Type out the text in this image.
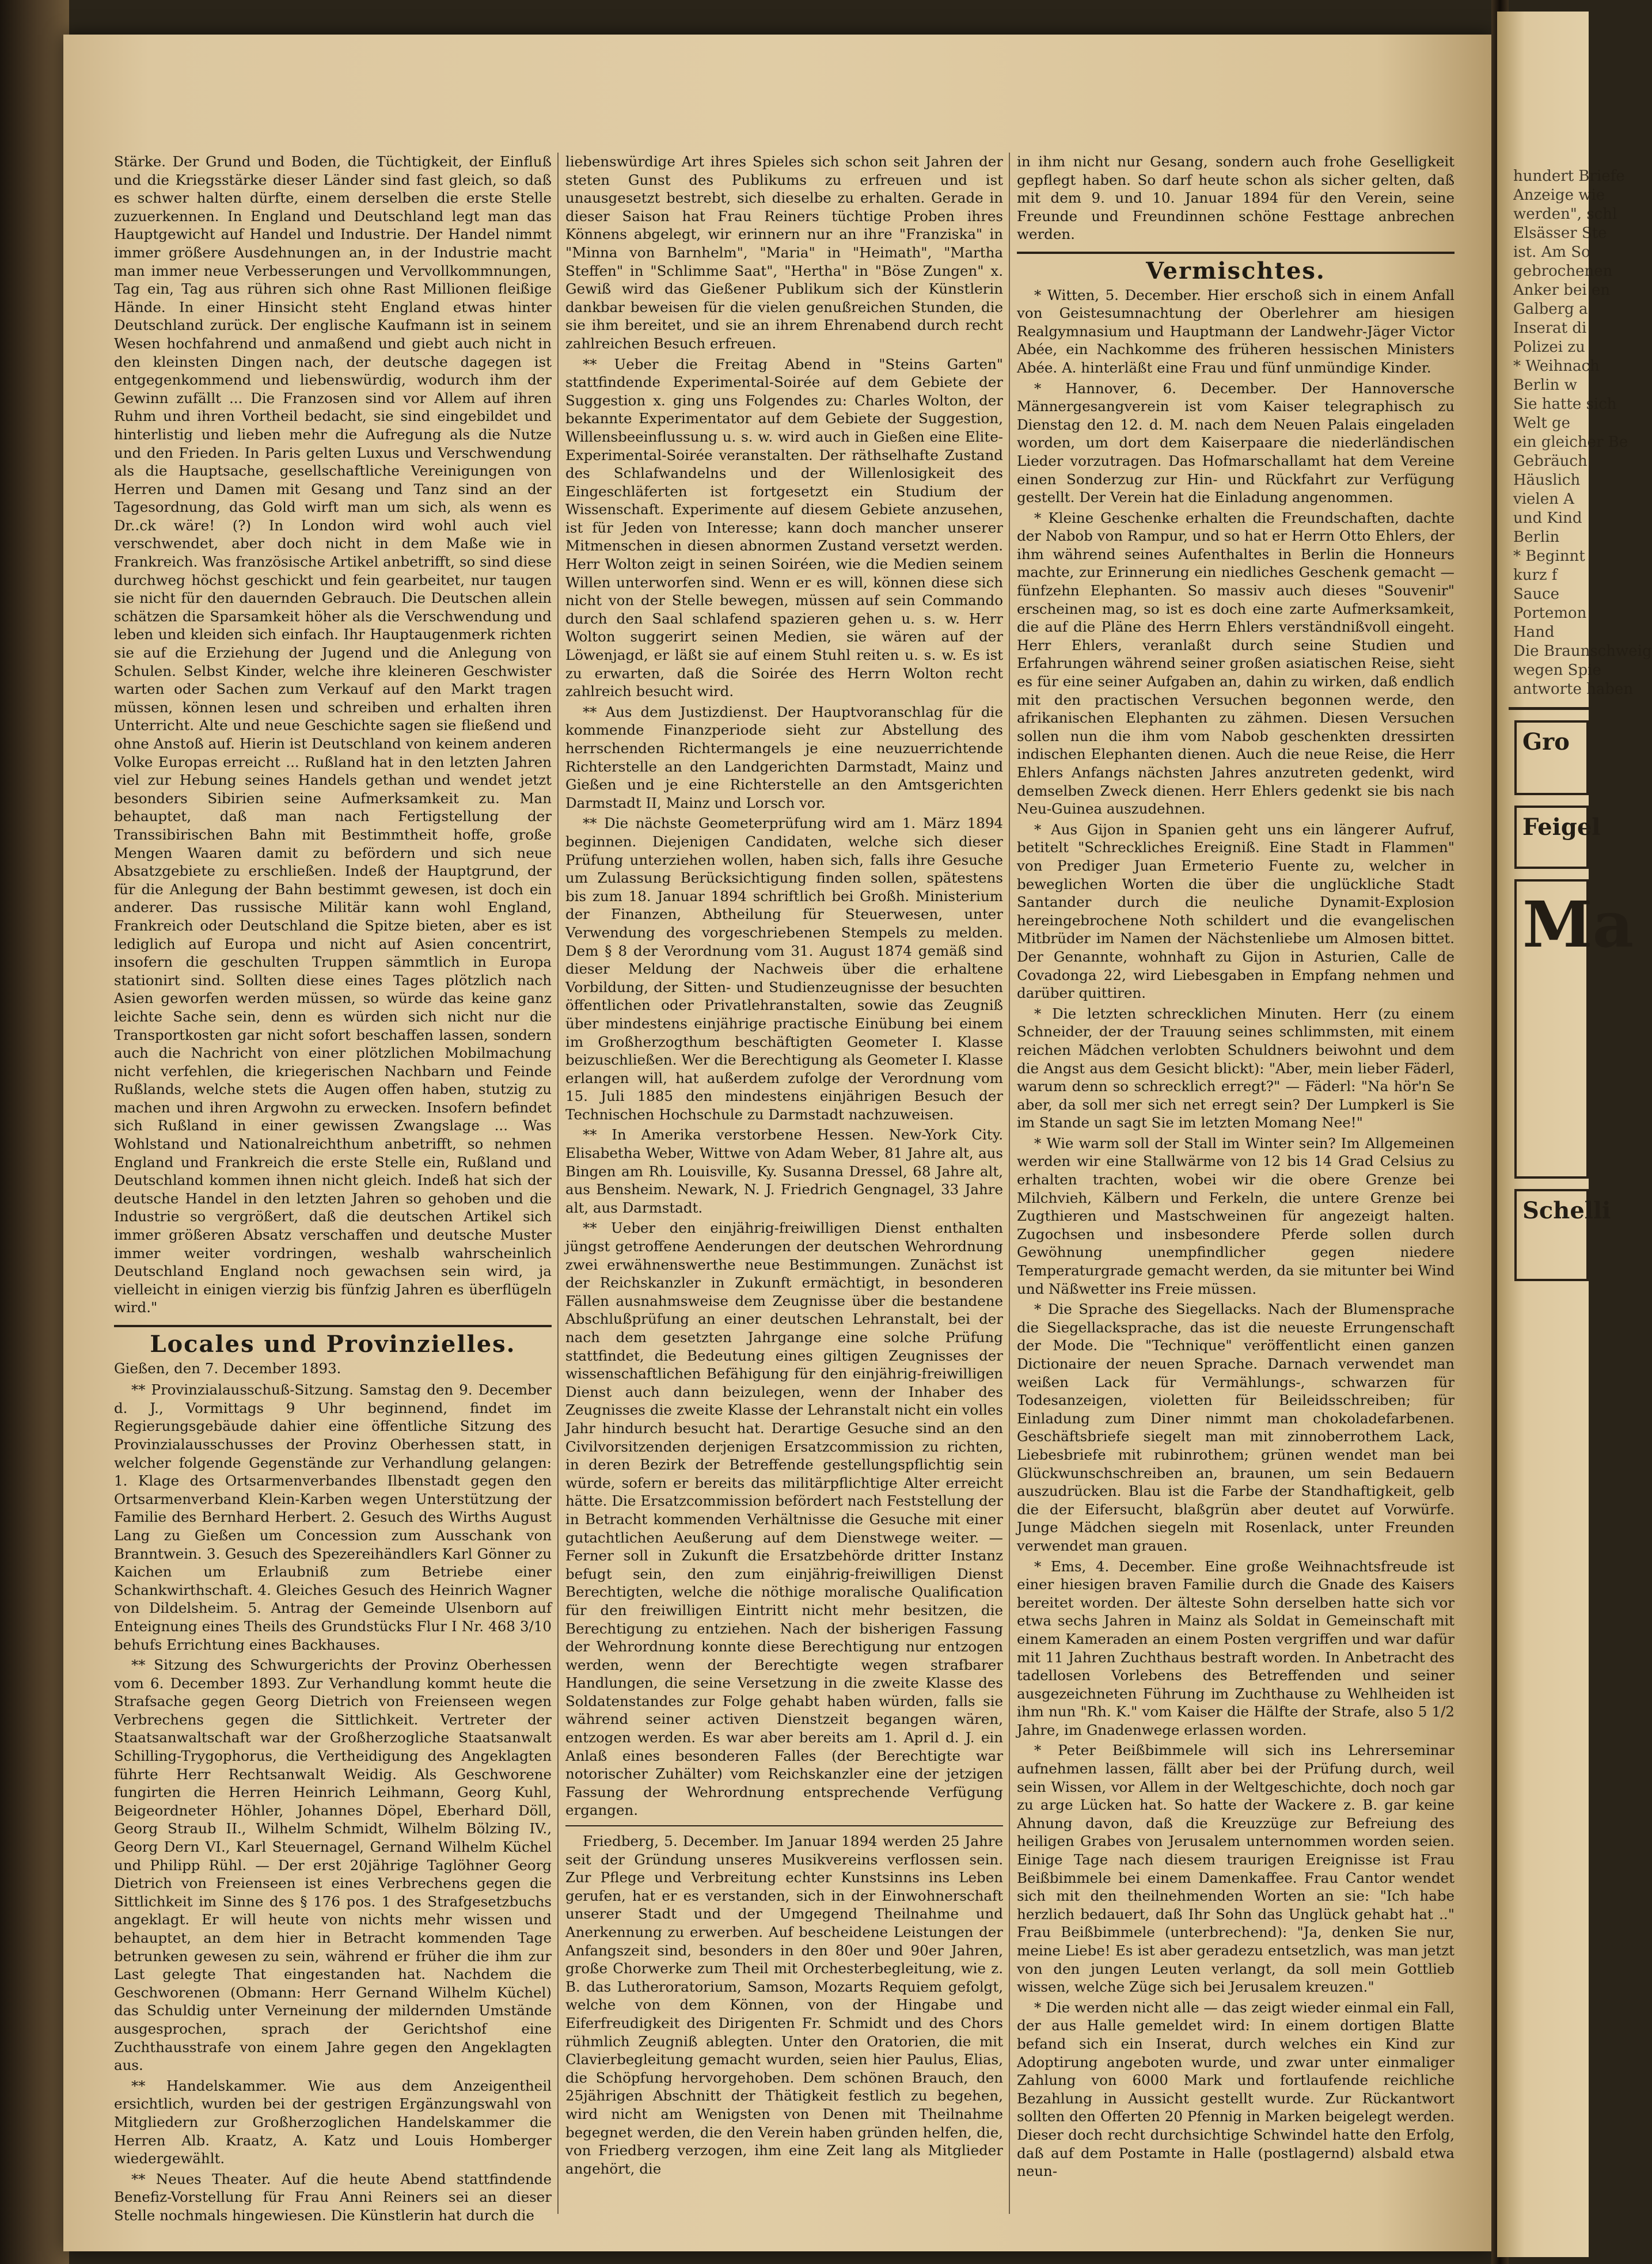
Stärke. Der Grund und Boden, die Tüchtigkeit, der Einfluß und die Kriegsstärke dieser Länder sind fast gleich, so daß es schwer halten dürfte, einem derselben die erste Stelle zuzuerkennen. In England und Deutschland legt man das Hauptgewicht auf Handel und Industrie. Der Handel nimmt immer größere Ausdehnungen an, in der Industrie macht man immer neue Verbesserungen und Vervollkommnungen, Tag ein, Tag aus rühren sich ohne Rast Millionen fleißige Hände. In einer Hinsicht steht England etwas hinter Deutschland zurück. Der englische Kaufmann ist in seinem Wesen hochfahrend und anmaßend und giebt auch nicht in den kleinsten Dingen nach, der deutsche dagegen ist entgegenkommend und liebenswürdig, wodurch ihm der Gewinn zufällt ... Die Franzosen sind vor Allem auf ihren Ruhm und ihren Vortheil bedacht, sie sind eingebildet und hinterlistig und lieben mehr die Aufregung als die Nutze und den Frieden. In Paris gelten Luxus und Verschwendung als die Hauptsache, gesellschaftliche Vereinigungen von Herren und Damen mit Gesang und Tanz sind an der Tagesordnung, das Gold wirft man um sich, als wenn es Dr..ck wäre! (?) In London wird wohl auch viel verschwendet, aber doch nicht in dem Maße wie in Frankreich. Was französische Artikel anbetrifft, so sind diese durchweg höchst geschickt und fein gearbeitet, nur taugen sie nicht für den dauernden Gebrauch. Die Deutschen allein schätzen die Sparsamkeit höher als die Verschwendung und leben und kleiden sich einfach. Ihr Hauptaugenmerk richten sie auf die Erziehung der Jugend und die Anlegung von Schulen. Selbst Kinder, welche ihre kleineren Geschwister warten oder Sachen zum Verkauf auf den Markt tragen müssen, können lesen und schreiben und erhalten ihren Unterricht. Alte und neue Geschichte sagen sie fließend und ohne Anstoß auf. Hierin ist Deutschland von keinem anderen Volke Europas erreicht ... Rußland hat in den letzten Jahren viel zur Hebung seines Handels gethan und wendet jetzt besonders Sibirien seine Aufmerksamkeit zu. Man behauptet, daß man nach Fertigstellung der Transsibirischen Bahn mit Bestimmtheit hoffe, große Mengen Waaren damit zu befördern und sich neue Absatzgebiete zu erschließen. Indeß der Hauptgrund, der für die Anlegung der Bahn bestimmt gewesen, ist doch ein anderer. Das russische Militär kann wohl England, Frankreich oder Deutschland die Spitze bieten, aber es ist lediglich auf Europa und nicht auf Asien concentrirt, insofern die geschulten Truppen sämmtlich in Europa stationirt sind. Sollten diese eines Tages plötzlich nach Asien geworfen werden müssen, so würde das keine ganz leichte Sache sein, denn es würden sich nicht nur die Transportkosten gar nicht sofort beschaffen lassen, sondern auch die Nachricht von einer plötzlichen Mobilmachung nicht verfehlen, die kriegerischen Nachbarn und Feinde Rußlands, welche stets die Augen offen haben, stutzig zu machen und ihren Argwohn zu erwecken. Insofern befindet sich Rußland in einer gewissen Zwangslage ... Was Wohlstand und Nationalreichthum anbetrifft, so nehmen England und Frankreich die erste Stelle ein, Rußland und Deutschland kommen ihnen nicht gleich. Indeß hat sich der deutsche Handel in den letzten Jahren so gehoben und die Industrie so vergrößert, daß die deutschen Artikel sich immer größeren Absatz verschaffen und deutsche Muster immer weiter vordringen, weshalb wahrscheinlich Deutschland England noch gewachsen sein wird, ja vielleicht in einigen vierzig bis fünfzig Jahren es überflügeln wird."

Locales und Provinzielles.
Gießen, den 7. December 1893.

** Provinzialausschuß-Sitzung. Samstag den 9. December d. J., Vormittags 9 Uhr beginnend, findet im Regierungsgebäude dahier eine öffentliche Sitzung des Provinzialausschusses der Provinz Oberhessen statt, in welcher folgende Gegenstände zur Verhandlung gelangen: 1. Klage des Ortsarmenverbandes Ilbenstadt gegen den Ortsarmenverband Klein-Karben wegen Unterstützung der Familie des Bernhard Herbert. 2. Gesuch des Wirths August Lang zu Gießen um Concession zum Ausschank von Branntwein. 3. Gesuch des Spezereihändlers Karl Gönner zu Kaichen um Erlaubniß zum Betriebe einer Schankwirthschaft. 4. Gleiches Gesuch des Heinrich Wagner von Dildelsheim. 5. Antrag der Gemeinde Ulsenborn auf Enteignung eines Theils des Grundstücks Flur I Nr. 468 3/10 behufs Errichtung eines Backhauses.

** Sitzung des Schwurgerichts der Provinz Oberhessen vom 6. December 1893. Zur Verhandlung kommt heute die Strafsache gegen Georg Dietrich von Freienseen wegen Verbrechens gegen die Sittlichkeit. Vertreter der Staatsanwaltschaft war der Großherzogliche Staatsanwalt Schilling-Trygophorus, die Vertheidigung des Angeklagten führte Herr Rechtsanwalt Weidig. Als Geschworene fungirten die Herren Heinrich Leihmann, Georg Kuhl, Beigeordneter Höhler, Johannes Döpel, Eberhard Döll, Georg Straub II., Wilhelm Schmidt, Wilhelm Bölzing IV., Georg Dern VI., Karl Steuernagel, Gernand Wilhelm Küchel und Philipp Rühl. — Der erst 20jährige Taglöhner Georg Dietrich von Freienseen ist eines Verbrechens gegen die Sittlichkeit im Sinne des § 176 pos. 1 des Strafgesetzbuchs angeklagt. Er will heute von nichts mehr wissen und behauptet, an dem hier in Betracht kommenden Tage betrunken gewesen zu sein, während er früher die ihm zur Last gelegte That eingestanden hat. Nachdem die Geschworenen (Obmann: Herr Gernand Wilhelm Küchel) das Schuldig unter Verneinung der mildernden Umstände ausgesprochen, sprach der Gerichtshof eine Zuchthausstrafe von einem Jahre gegen den Angeklagten aus.

** Handelskammer. Wie aus dem Anzeigentheil ersichtlich, wurden bei der gestrigen Ergänzungswahl von Mitgliedern zur Großherzoglichen Handelskammer die Herren Alb. Kraatz, A. Katz und Louis Homberger wiedergewählt.

** Neues Theater. Auf die heute Abend stattfindende Benefiz-Vorstellung für Frau Anni Reiners sei an dieser Stelle nochmals hingewiesen. Die Künstlerin hat durch die

liebenswürdige Art ihres Spieles sich schon seit Jahren der steten Gunst des Publikums zu erfreuen und ist unausgesetzt bestrebt, sich dieselbe zu erhalten. Gerade in dieser Saison hat Frau Reiners tüchtige Proben ihres Könnens abgelegt, wir erinnern nur an ihre "Franziska" in "Minna von Barnhelm", "Maria" in "Heimath", "Martha Steffen" in "Schlimme Saat", "Hertha" in "Böse Zungen" x. Gewiß wird das Gießener Publikum sich der Künstlerin dankbar beweisen für die vielen genußreichen Stunden, die sie ihm bereitet, und sie an ihrem Ehrenabend durch recht zahlreichen Besuch erfreuen.

** Ueber die Freitag Abend in "Steins Garten" stattfindende Experimental-Soirée auf dem Gebiete der Suggestion x. ging uns Folgendes zu: Charles Wolton, der bekannte Experimentator auf dem Gebiete der Suggestion, Willensbeeinflussung u. s. w. wird auch in Gießen eine Elite-Experimental-Soirée veranstalten. Der räthselhafte Zustand des Schlafwandelns und der Willenlosigkeit des Eingeschläferten ist fortgesetzt ein Studium der Wissenschaft. Experimente auf diesem Gebiete anzusehen, ist für Jeden von Interesse; kann doch mancher unserer Mitmenschen in diesen abnormen Zustand versetzt werden. Herr Wolton zeigt in seinen Soiréen, wie die Medien seinem Willen unterworfen sind. Wenn er es will, können diese sich nicht von der Stelle bewegen, müssen auf sein Commando durch den Saal schlafend spazieren gehen u. s. w. Herr Wolton suggerirt seinen Medien, sie wären auf der Löwenjagd, er läßt sie auf einem Stuhl reiten u. s. w. Es ist zu erwarten, daß die Soirée des Herrn Wolton recht zahlreich besucht wird.

** Aus dem Justizdienst. Der Hauptvoranschlag für die kommende Finanzperiode sieht zur Abstellung des herrschenden Richtermangels je eine neuzuerrichtende Richterstelle an den Landgerichten Darmstadt, Mainz und Gießen und je eine Richterstelle an den Amtsgerichten Darmstadt II, Mainz und Lorsch vor.

** Die nächste Geometerprüfung wird am 1. März 1894 beginnen. Diejenigen Candidaten, welche sich dieser Prüfung unterziehen wollen, haben sich, falls ihre Gesuche um Zulassung Berücksichtigung finden sollen, spätestens bis zum 18. Januar 1894 schriftlich bei Großh. Ministerium der Finanzen, Abtheilung für Steuerwesen, unter Verwendung des vorgeschriebenen Stempels zu melden. Dem § 8 der Verordnung vom 31. August 1874 gemäß sind dieser Meldung der Nachweis über die erhaltene Vorbildung, der Sitten- und Studienzeugnisse der besuchten öffentlichen oder Privatlehranstalten, sowie das Zeugniß über mindestens einjährige practische Einübung bei einem im Großherzogthum beschäftigten Geometer I. Klasse beizuschließen. Wer die Berechtigung als Geometer I. Klasse erlangen will, hat außerdem zufolge der Verordnung vom 15. Juli 1885 den mindestens einjährigen Besuch der Technischen Hochschule zu Darmstadt nachzuweisen.

** In Amerika verstorbene Hessen. New-York City. Elisabetha Weber, Wittwe von Adam Weber, 81 Jahre alt, aus Bingen am Rh. Louisville, Ky. Susanna Dressel, 68 Jahre alt, aus Bensheim. Newark, N. J. Friedrich Gengnagel, 33 Jahre alt, aus Darmstadt.

** Ueber den einjährig-freiwilligen Dienst enthalten jüngst getroffene Aenderungen der deutschen Wehrordnung zwei erwähnenswerthe neue Bestimmungen. Zunächst ist der Reichskanzler in Zukunft ermächtigt, in besonderen Fällen ausnahmsweise dem Zeugnisse über die bestandene Abschlußprüfung an einer deutschen Lehranstalt, bei der nach dem gesetzten Jahrgange eine solche Prüfung stattfindet, die Bedeutung eines giltigen Zeugnisses der wissenschaftlichen Befähigung für den einjährig-freiwilligen Dienst auch dann beizulegen, wenn der Inhaber des Zeugnisses die zweite Klasse der Lehranstalt nicht ein volles Jahr hindurch besucht hat. Derartige Gesuche sind an den Civilvorsitzenden derjenigen Ersatzcommission zu richten, in deren Bezirk der Betreffende gestellungspflichtig sein würde, sofern er bereits das militärpflichtige Alter erreicht hätte. Die Ersatzcommission befördert nach Feststellung der in Betracht kommenden Verhältnisse die Gesuche mit einer gutachtlichen Aeußerung auf dem Dienstwege weiter. — Ferner soll in Zukunft die Ersatzbehörde dritter Instanz befugt sein, den zum einjährig-freiwilligen Dienst Berechtigten, welche die nöthige moralische Qualification für den freiwilligen Eintritt nicht mehr besitzen, die Berechtigung zu entziehen. Nach der bisherigen Fassung der Wehrordnung konnte diese Berechtigung nur entzogen werden, wenn der Berechtigte wegen strafbarer Handlungen, die seine Versetzung in die zweite Klasse des Soldatenstandes zur Folge gehabt haben würden, falls sie während seiner activen Dienstzeit begangen wären, entzogen werden. Es war aber bereits am 1. April d. J. ein Anlaß eines besonderen Falles (der Berechtigte war notorischer Zuhälter) vom Reichskanzler eine der jetzigen Fassung der Wehrordnung entsprechende Verfügung ergangen.

Friedberg, 5. December. Im Januar 1894 werden 25 Jahre seit der Gründung unseres Musikvereins verflossen sein. Zur Pflege und Verbreitung echter Kunstsinns ins Leben gerufen, hat er es verstanden, sich in der Einwohnerschaft unserer Stadt und der Umgegend Theilnahme und Anerkennung zu erwerben. Auf bescheidene Leistungen der Anfangszeit sind, besonders in den 80er und 90er Jahren, große Chorwerke zum Theil mit Orchesterbegleitung, wie z. B. das Lutheroratorium, Samson, Mozarts Requiem gefolgt, welche von dem Können, von der Hingabe und Eiferfreudigkeit des Dirigenten Fr. Schmidt und des Chors rühmlich Zeugniß ablegten. Unter den Oratorien, die mit Clavierbegleitung gemacht wurden, seien hier Paulus, Elias, die Schöpfung hervorgehoben. Dem schönen Brauch, den 25jährigen Abschnitt der Thätigkeit festlich zu begehen, wird nicht am Wenigsten von Denen mit Theilnahme begegnet werden, die den Verein haben gründen helfen, die, von Friedberg verzogen, ihm eine Zeit lang als Mitglieder angehört, die

in ihm nicht nur Gesang, sondern auch frohe Geselligkeit gepflegt haben. So darf heute schon als sicher gelten, daß mit dem 9. und 10. Januar 1894 für den Verein, seine Freunde und Freundinnen schöne Festtage anbrechen werden.

Vermischtes.

* Witten, 5. December. Hier erschoß sich in einem Anfall von Geistesumnachtung der Oberlehrer am hiesigen Realgymnasium und Hauptmann der Landwehr-Jäger Victor Abée, ein Nachkomme des früheren hessischen Ministers Abée. A. hinterläßt eine Frau und fünf unmündige Kinder.

* Hannover, 6. December. Der Hannoversche Männergesangverein ist vom Kaiser telegraphisch zu Dienstag den 12. d. M. nach dem Neuen Palais eingeladen worden, um dort dem Kaiserpaare die niederländischen Lieder vorzutragen. Das Hofmarschallamt hat dem Vereine einen Sonderzug zur Hin- und Rückfahrt zur Verfügung gestellt. Der Verein hat die Einladung angenommen.

* Kleine Geschenke erhalten die Freundschaften, dachte der Nabob von Rampur, und so hat er Herrn Otto Ehlers, der ihm während seines Aufenthaltes in Berlin die Honneurs machte, zur Erinnerung ein niedliches Geschenk gemacht — fünfzehn Elephanten. So massiv auch dieses "Souvenir" erscheinen mag, so ist es doch eine zarte Aufmerksamkeit, die auf die Pläne des Herrn Ehlers verständnißvoll eingeht. Herr Ehlers, veranlaßt durch seine Studien und Erfahrungen während seiner großen asiatischen Reise, sieht es für eine seiner Aufgaben an, dahin zu wirken, daß endlich mit den practischen Versuchen begonnen werde, den afrikanischen Elephanten zu zähmen. Diesen Versuchen sollen nun die ihm vom Nabob geschenkten dressirten indischen Elephanten dienen. Auch die neue Reise, die Herr Ehlers Anfangs nächsten Jahres anzutreten gedenkt, wird demselben Zweck dienen. Herr Ehlers gedenkt sie bis nach Neu-Guinea auszudehnen.

* Aus Gijon in Spanien geht uns ein längerer Aufruf, betitelt "Schreckliches Ereigniß. Eine Stadt in Flammen" von Prediger Juan Ermeterio Fuente zu, welcher in beweglichen Worten die über die unglückliche Stadt Santander durch die neuliche Dynamit-Explosion hereingebrochene Noth schildert und die evangelischen Mitbrüder im Namen der Nächstenliebe um Almosen bittet. Der Genannte, wohnhaft zu Gijon in Asturien, Calle de Covadonga 22, wird Liebesgaben in Empfang nehmen und darüber quittiren.

* Die letzten schrecklichen Minuten. Herr (zu einem Schneider, der der Trauung seines schlimmsten, mit einem reichen Mädchen verlobten Schuldners beiwohnt und dem die Angst aus dem Gesicht blickt): "Aber, mein lieber Fäderl, warum denn so schrecklich erregt?" — Fäderl: "Na hör'n Se aber, da soll mer sich net erregt sein? Der Lumpkerl is Sie im Stande un sagt Sie im letzten Momang Nee!"

* Wie warm soll der Stall im Winter sein? Im Allgemeinen werden wir eine Stallwärme von 12 bis 14 Grad Celsius zu erhalten trachten, wobei wir die obere Grenze bei Milchvieh, Kälbern und Ferkeln, die untere Grenze bei Zugthieren und Mastschweinen für angezeigt halten. Zugochsen und insbesondere Pferde sollen durch Gewöhnung unempfindlicher gegen niedere Temperaturgrade gemacht werden, da sie mitunter bei Wind und Näßwetter ins Freie müssen.

* Die Sprache des Siegellacks. Nach der Blumensprache die Siegellacksprache, das ist die neueste Errungenschaft der Mode. Die "Technique" veröffentlicht einen ganzen Dictionaire der neuen Sprache. Darnach verwendet man weißen Lack für Vermählungs-, schwarzen für Todesanzeigen, violetten für Beileidsschreiben; für Einladung zum Diner nimmt man chokoladefarbenen. Geschäftsbriefe siegelt man mit zinnoberrothem Lack, Liebesbriefe mit rubinrothem; grünen wendet man bei Glückwunschschreiben an, braunen, um sein Bedauern auszudrücken. Blau ist die Farbe der Standhaftigkeit, gelb die der Eifersucht, blaßgrün aber deutet auf Vorwürfe. Junge Mädchen siegeln mit Rosenlack, unter Freunden verwendet man grauen.

* Ems, 4. December. Eine große Weihnachtsfreude ist einer hiesigen braven Familie durch die Gnade des Kaisers bereitet worden. Der älteste Sohn derselben hatte sich vor etwa sechs Jahren in Mainz als Soldat in Gemeinschaft mit einem Kameraden an einem Posten vergriffen und war dafür mit 11 Jahren Zuchthaus bestraft worden. In Anbetracht des tadellosen Vorlebens des Betreffenden und seiner ausgezeichneten Führung im Zuchthause zu Wehlheiden ist ihm nun "Rh. K." vom Kaiser die Hälfte der Strafe, also 5 1/2 Jahre, im Gnadenwege erlassen worden.

* Peter Beißbimmele will sich ins Lehrerseminar aufnehmen lassen, fällt aber bei der Prüfung durch, weil sein Wissen, vor Allem in der Weltgeschichte, doch noch gar zu arge Lücken hat. So hatte der Wackere z. B. gar keine Ahnung davon, daß die Kreuzzüge zur Befreiung des heiligen Grabes von Jerusalem unternommen worden seien. Einige Tage nach diesem traurigen Ereignisse ist Frau Beißbimmele bei einem Damenkaffee. Frau Cantor wendet sich mit den theilnehmenden Worten an sie: "Ich habe herzlich bedauert, daß Ihr Sohn das Unglück gehabt hat .." Frau Beißbimmele (unterbrechend): "Ja, denken Sie nur, meine Liebe! Es ist aber geradezu entsetzlich, was man jetzt von den jungen Leuten verlangt, da soll mein Gottlieb wissen, welche Züge sich bei Jerusalem kreuzen."

* Die werden nicht alle — das zeigt wieder einmal ein Fall, der aus Halle gemeldet wird: In einem dortigen Blatte befand sich ein Inserat, durch welches ein Kind zur Adoptirung angeboten wurde, und zwar unter einmaliger Zahlung von 6000 Mark und fortlaufende reichliche Bezahlung in Aussicht gestellt wurde. Zur Rückantwort sollten den Offerten 20 Pfennig in Marken beigelegt werden. Dieser doch recht durchsichtige Schwindel hatte den Erfolg, daß auf dem Postamte in Halle (postlagernd) alsbald etwa neun-

hundert Briefe
Anzeige wie
werden", schl
Elsässer Ste
ist. Am So
gebrochenen
Anker bei en
Galberg a
Inserat di
Polizei zu
* Weihnach
Berlin w
Sie hatte sich
Welt ge
ein gleicher Be
Gebräuch
Häuslich
vielen A
und Kind
Berlin
* Beginnt
kurz f
Sauce
Portemon
Hand
Die Braunschweig
wegen Spie
antworte haben
Gro
Feigel
Ma
Schelli
